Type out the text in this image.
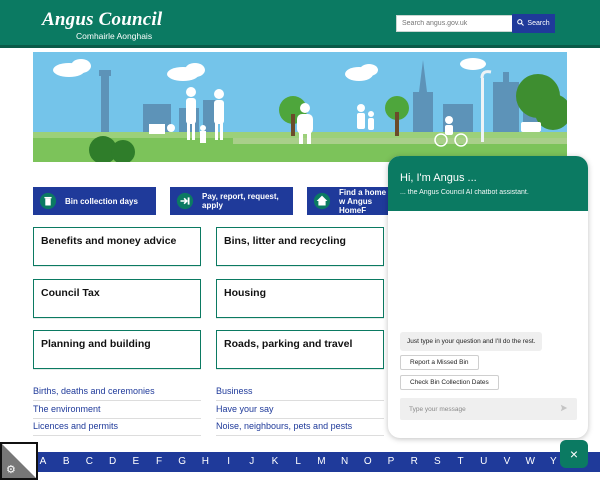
Angus Council
Comhairle Aonghais
Search angus.gov.uk
Search
Bin collection days	Pay, report, request, apply
Find a home w Angus HomeF
Benefits and money advice	Bins, litter and recycling
Council Tax	Housing
Planning and building	Roads, parking and travel
Births, deaths and ceremonies
The environment
Licences and permits
Business
Have your say
Noise, neighbours, pets and pests
Hi, I'm Angus ...
... the Angus Council AI chatbot assistant.
Just type in your question and I'll do the rest.
Report a Missed Bin
Check Bin Collection Dates
Type your message
A	B	C	D	E	F	G	H	I	J	K	L	M	N	O	P	R	S	T	U	V	W	Y ×
⚙
